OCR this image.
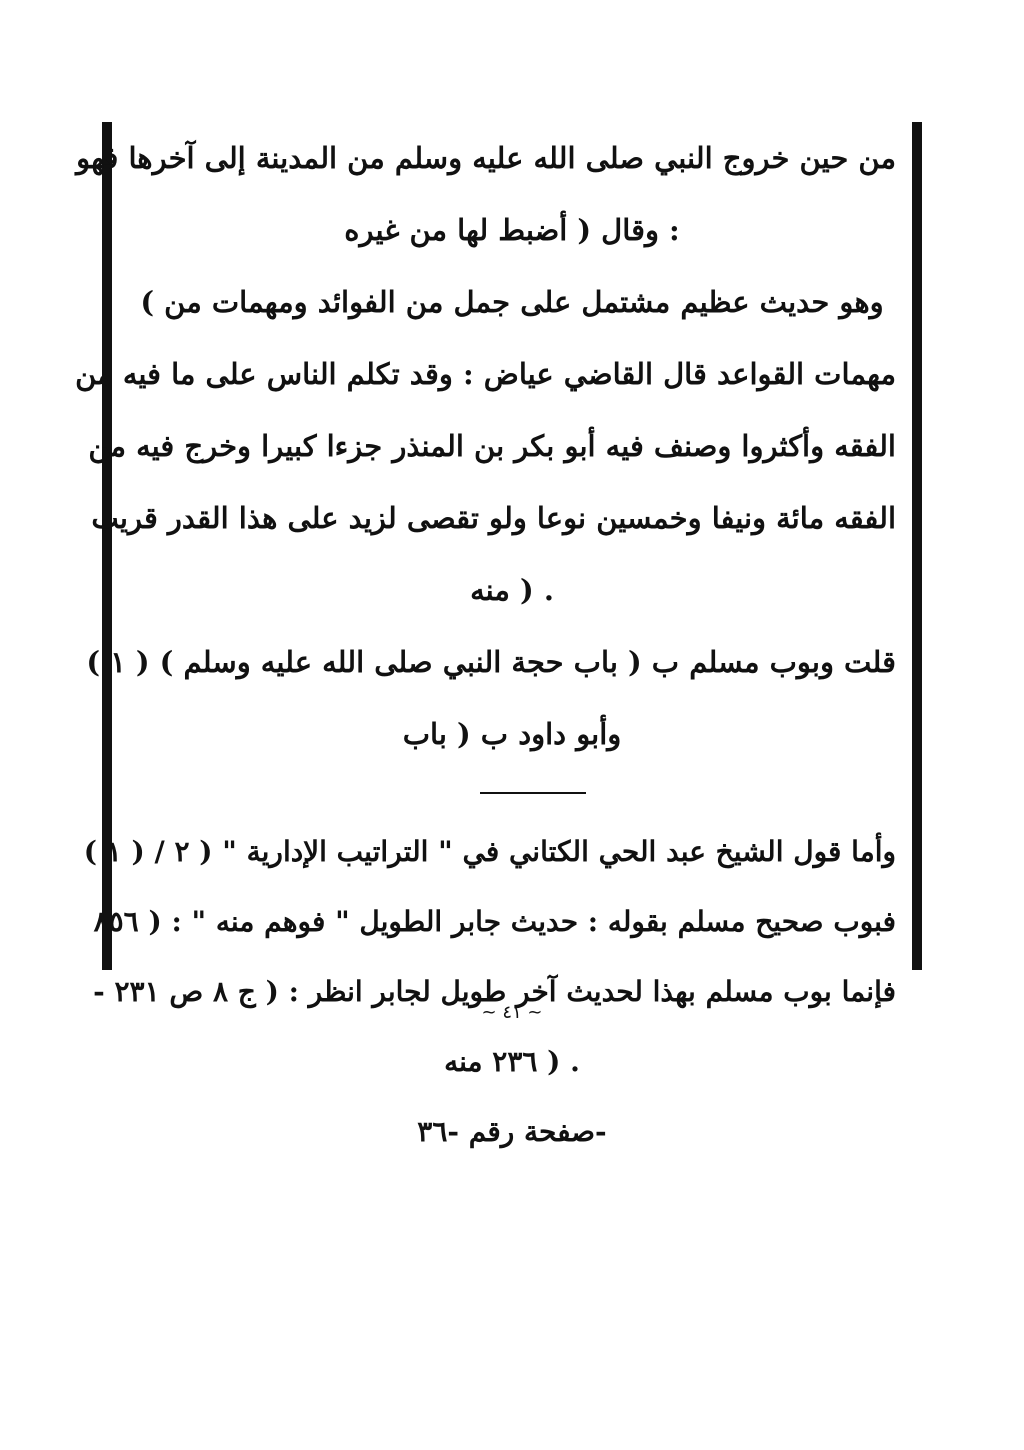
من حين خروج النبي صلى الله عليه وسلم من المدينة إلى آخرها فهو
: وقال ( أضبط لها من غيره
وهو حديث عظيم مشتمل على جمل من الفوائد ومهمات من )
مهمات القواعد قال القاضي عياض : وقد تكلم الناس على ما فيه من
الفقه وأكثروا وصنف فيه أبو بكر بن المنذر جزءا كبيرا وخرج فيه من
الفقه مائة ونيفا وخمسين نوعا ولو تقصى لزيد على هذا القدر قريب
. ( منه
قلت وبوب مسلم ب ( باب حجة النبي صلى الله عليه وسلم ) ( ١ )
وأبو داود ب ( باب
وأما قول الشيخ عبد الحي الكتاني في " التراتيب الإدارية " ( ٢ / ( ١ )
فبوب صحيح مسلم بقوله : حديث جابر الطويل " فوهم منه " : ( ٨٥٦
فإنما بوب مسلم بهذا لحديث آخر طويل لجابر انظر : ( ج ٨ ص ٢٣١ -
. ( ٢٣٦ منه
-صفحة رقم -٣٦
~ ٤١ ~
